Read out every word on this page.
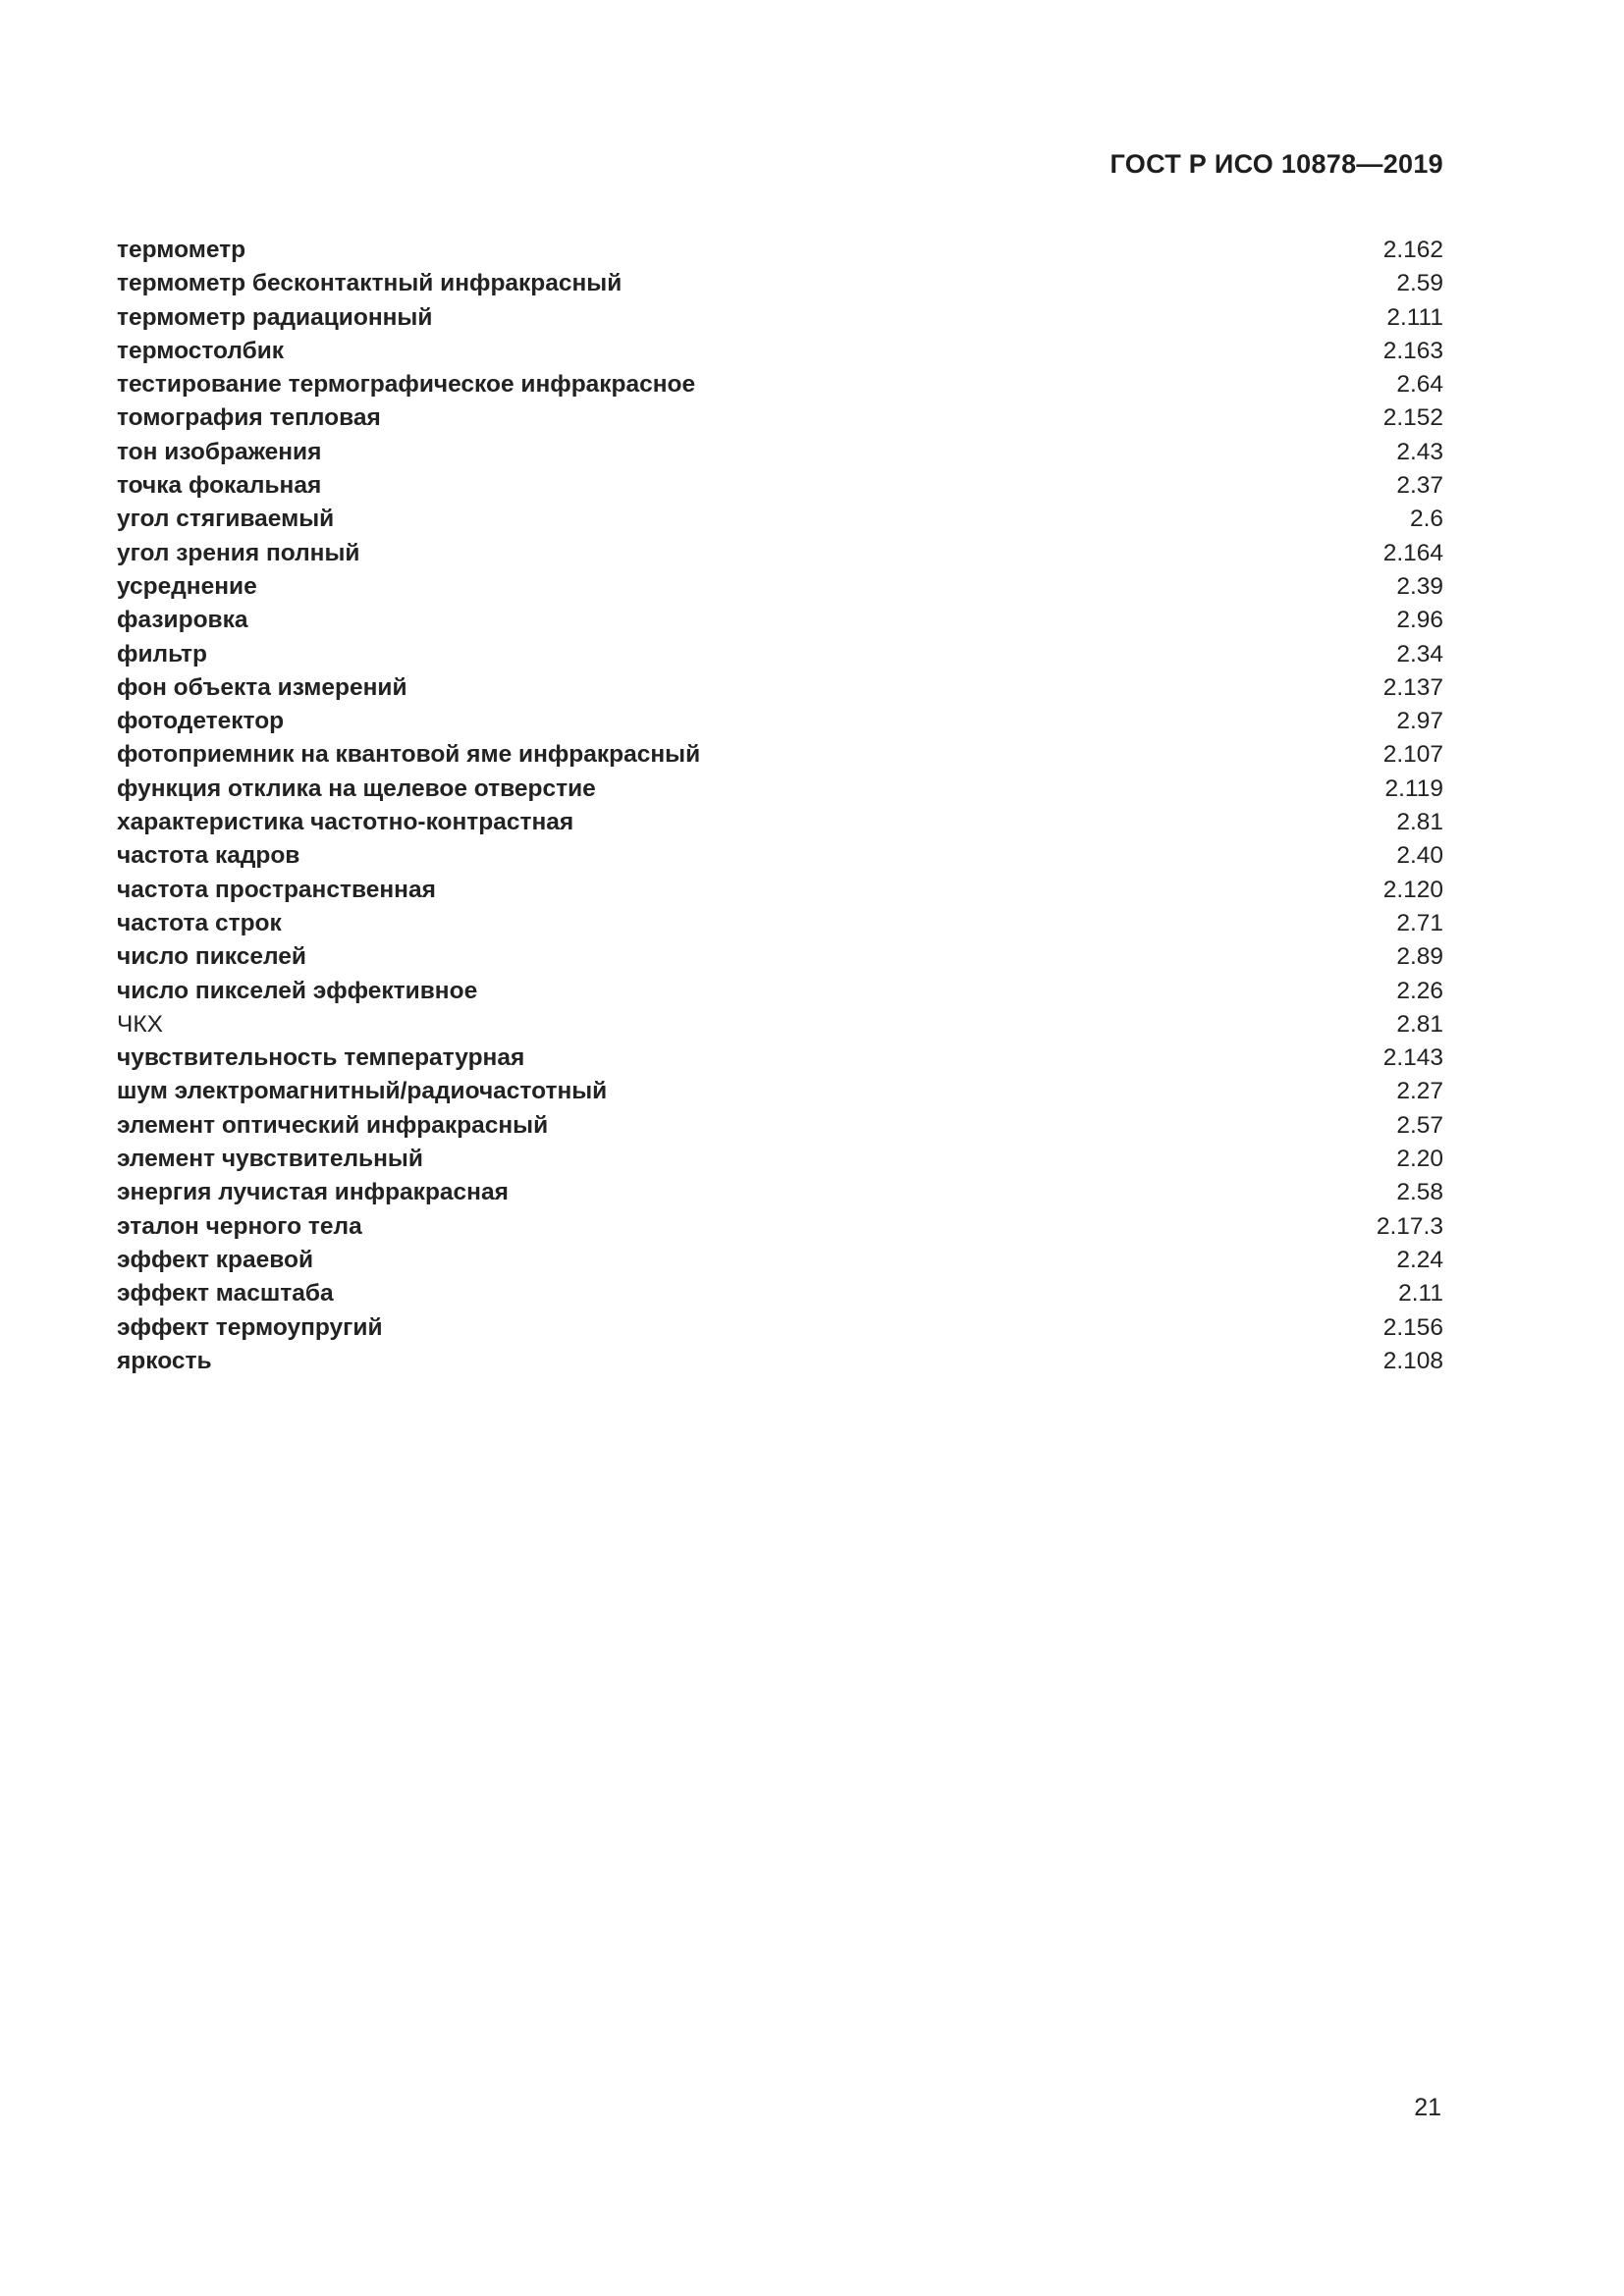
ГОСТ Р ИСО 10878—2019
термометр	2.162
термометр бесконтактный инфракрасный	2.59
термометр радиационный	2.111
термостолбик	2.163
тестирование термографическое инфракрасное	2.64
томография тепловая	2.152
тон изображения	2.43
точка фокальная	2.37
угол стягиваемый	2.6
угол зрения полный	2.164
усреднение	2.39
фазировка	2.96
фильтр	2.34
фон объекта измерений	2.137
фотодетектор	2.97
фотоприемник на квантовой яме инфракрасный	2.107
функция отклика на щелевое отверстие	2.119
характеристика частотно-контрастная	2.81
частота кадров	2.40
частота пространственная	2.120
частота строк	2.71
число пикселей	2.89
число пикселей эффективное	2.26
ЧКХ	2.81
чувствительность температурная	2.143
шум электромагнитный/радиочастотный	2.27
элемент оптический инфракрасный	2.57
элемент чувствительный	2.20
энергия лучистая инфракрасная	2.58
эталон черного тела	2.17.3
эффект краевой	2.24
эффект масштаба	2.11
эффект термоупругий	2.156
яркость	2.108
21
